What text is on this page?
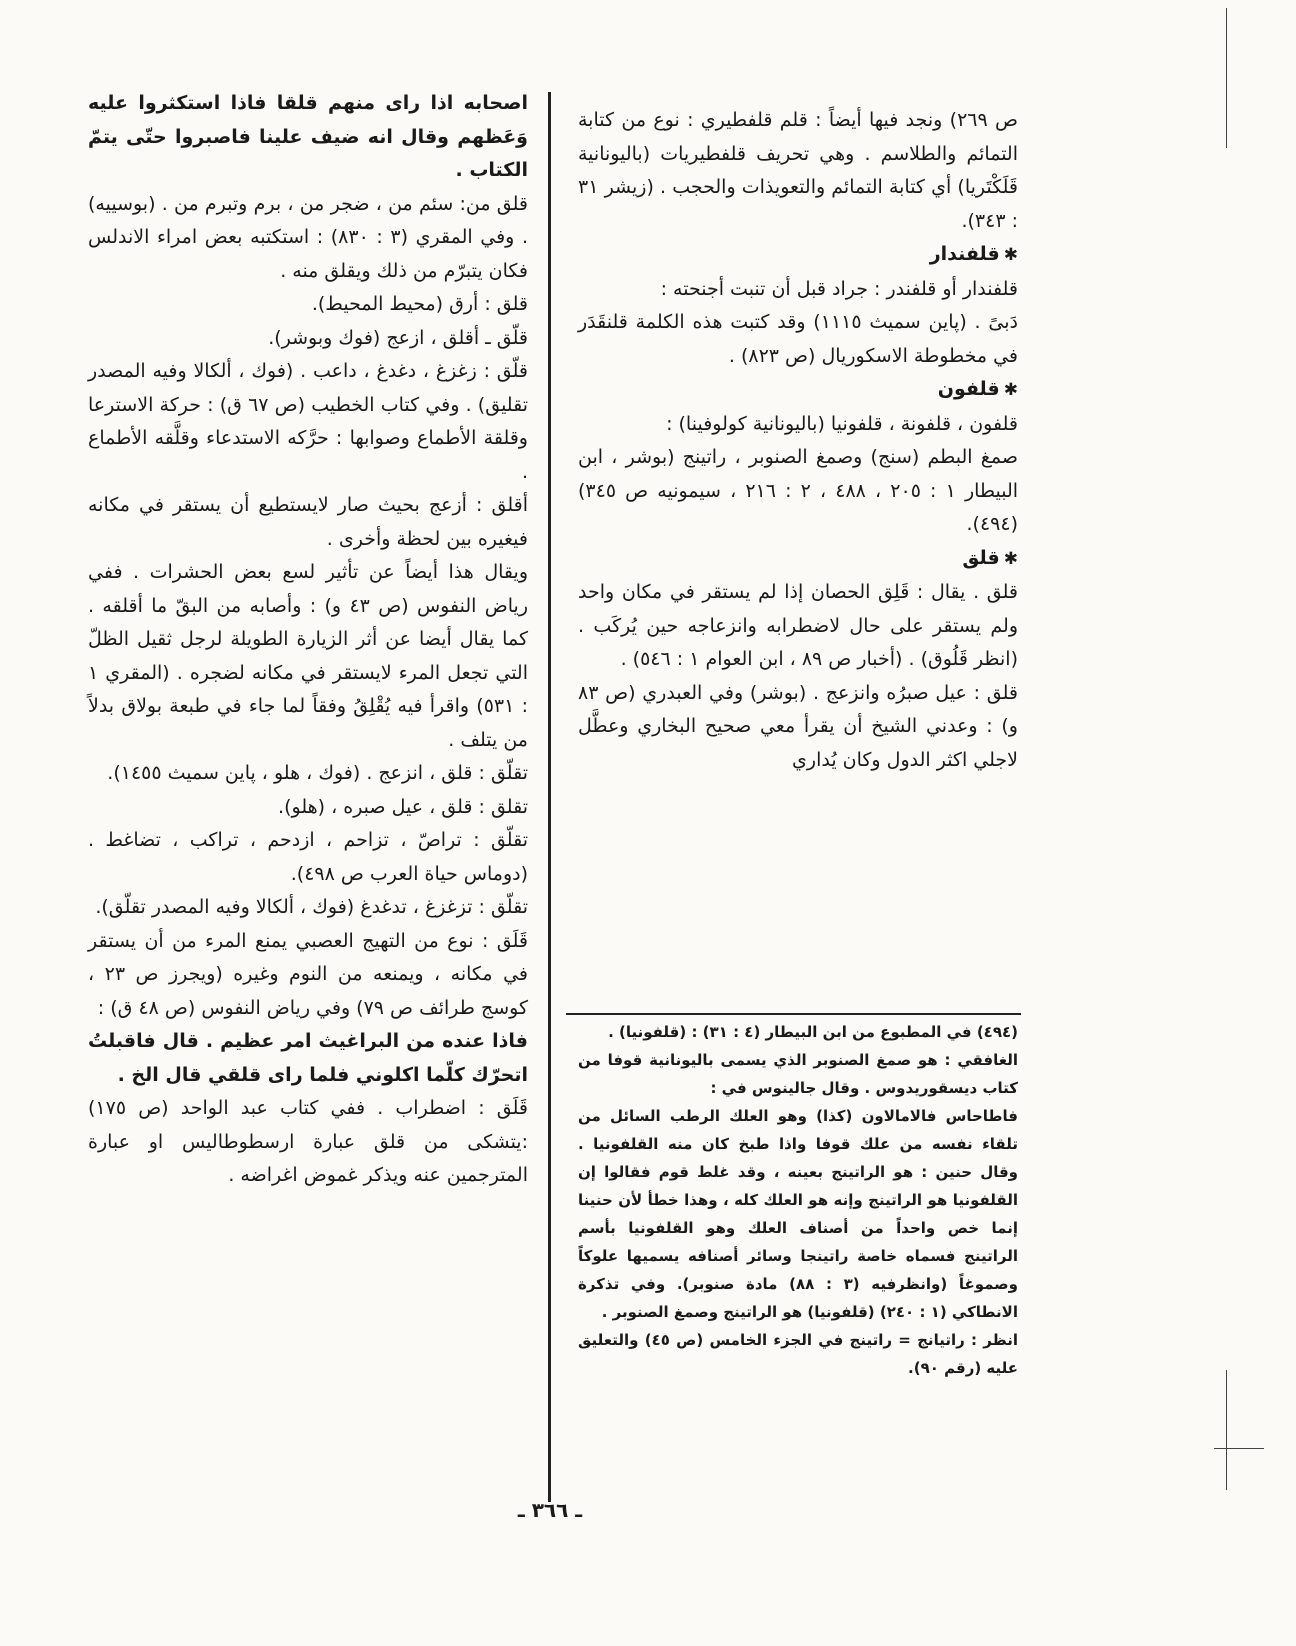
ص ٢٦٩) ونجد فيها أيضاً : قلم قلفطيري : نوع من كتابة التمائم والطلاسم . وهي تحريف قلفطيريات (باليونانية قَلَكْتَريا) أي كتابة التمائم والتعويذات والحجب . (زيشر ٣١ : ٣٤٣).

✱قلفندار

قلفندار أو قلفندر : جراد قبل أن تنبت أجنحته :

دَبىً . (پاين سميث ١١١٥) وقد كتبت هذه الكلمة قلنقَدَر في مخطوطة الاسكوريال (ص ٨٢٣) .

✱قلفون

قلفون ، قلفونة ، قلفونيا (باليونانية كولوفينا) :

صمغ البطم (سنج) وصمغ الصنوبر ، راتينج (بوشر ، ابن البيطار ١ : ٢٠٥ ، ٤٨٨ ، ٢ : ٢١٦ ، سيمونيه ص ٣٤٥)(٤٩٤).

✱قلق

قلق . يقال : قَلِق الحصان إذا لم يستقر في مكان واحد ولم يستقر على حال لاضطرابه وانزعاجه حين يُركَب .(انظر قَلُوق) . (أخبار ص ٨٩ ، ابن العوام ١ : ٥٤٦) .

قلق : عيل صبرُه وانزعج . (بوشر) وفي العبدري (ص ٨٣ و) : وعدني الشيخ أن يقرأ معي صحيح البخاري وعطَّل لاجلي اكثر الدول وكان يُداري

(٤٩٤) في المطبوع من ابن البيطار (٤ : ٣١) : (قلفونيا) .

الغافقي : هو صمغ الصنوبر الذي يسمى باليونانية قوفا من كتاب ديسقوريدوس . وقال جالينوس في :

فاطاحاس فالامالاون (كذا) وهو العلك الرطب السائل من تلقاء نفسه من علك قوفا واذا طبخ كان منه القلفونيا . وقال حنين : هو الراتينج بعينه ، وقد غلط قوم فقالوا إن القلفونيا هو الراتينج وإنه هو العلك كله ، وهذا خطأ لأن حنينا إنما خص واحداً من أصناف العلك وهو القلفونيا بأسم الراتينج فسماه خاصة راتينجا وسائر أصنافه يسميها علوكاً وصموغاً (وانظرفيه (٣ : ٨٨) مادة صنوبر). وفي تذكرة الانطاكي (١ : ٢٤٠) (قلفونيا) هو الراتينج وصمغ الصنوبر .

انظر : راتيانج = راتينج في الجزء الخامس (ص ٤٥) والتعليق عليه (رقم ٩٠).

اصحابه اذا راى منهم قلقا فاذا استكثروا عليه وَعَظهم وقال انه ضيف علينا فاصبروا حتّى يتمّ الكتاب .

قلق من: سئم من ، ضجر من ، برم وتبرم من . (بوسييه) . وفي المقري (٣ : ٨٣٠) : استكتبه بعض امراء الاندلس فكان يتبرّم من ذلك ويقلق منه .

قلق : أرق (محيط المحيط).

قلّق ـ أقلق ، ازعج (فوك وبوشر).

قلّق : زغزغ ، دغدغ ، داعب . (فوك ، ألكالا وفيه المصدر تقليق) . وفي كتاب الخطيب (ص ٦٧ ق) : حركة الاسترعا وقلقة الأطماع وصوابها : حرَّكه الاستدعاء وقلَّقه الأطماع .

أقلق : أزعج بحيث صار لايستطيع أن يستقر في مكانه فيغيره بين لحظة وأخرى .

ويقال هذا أيضاً عن تأثير لسع بعض الحشرات . ففي رياض النفوس (ص ٤٣ و) : وأصابه من البقّ ما أقلقه . كما يقال أيضا عن أثر الزيارة الطويلة لرجل ثقيل الظلّ التي تجعل المرء لايستقر في مكانه لضجره . (المقري ١ : ٥٣١) واقرأ فيه يُقْلِقُ وفقاً لما جاء في طبعة بولاق بدلاً من يتلف .

تقلّق : قلق ، انزعج . (فوك ، هلو ، پاين سميث ١٤٥٥).

تقلق : قلق ، عيل صبره ، (هلو).

تقلّق : تراصّ ، تزاحم ، ازدحم ، تراكب ، تضاغط . (دوماس حياة العرب ص ٤٩٨).

تقلّق : تزغزغ ، تدغدغ (فوك ، ألكالا وفيه المصدر تقلّق).

قَلَق : نوع من التهيج العصبي يمنع المرء من أن يستقر في مكانه ، ويمنعه من النوم وغيره (ويجرز ص ٢٣ ، كوسج طرائف ص ٧٩) وفي رياض النفوس (ص ٤٨ ق) :

فاذا عنده من البراغيث امر عظيم . قال فاقبلتُ اتحرّك كلّما اكلوني فلما راى قلقي قال الخ .

قَلَق : اضطراب . ففي كتاب عبد الواحد (ص ١٧٥) :يتشكى من قلق عبارة ارسطوطاليس او عبارة المترجمين عنه ويذكر غموض اغراضه .

ـ ٣٦٦ ـ
